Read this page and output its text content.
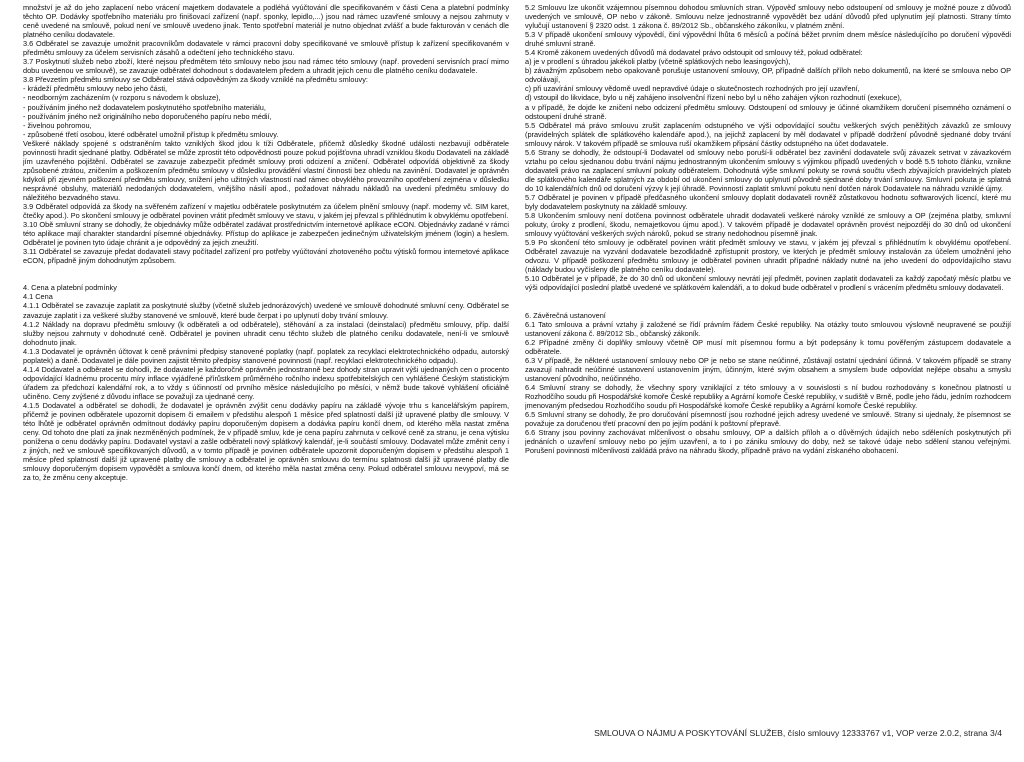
množství je až do jeho zaplacení nebo vrácení majetkem dodavatele a podléhá vyúčtování dle specifikovaném v části Cena a platební podmínky těchto OP. Dodávky spotřebního materiálu pro finišovací zařízení (např. sponky, lepidlo,...) jsou nad rámec uzavřené smlouvy a nejsou zahrnuty v ceně uvedené na smlouvě, pokud není ve smlouvě uvedeno jinak. Tento spotřební materiál je nutno objednat zvlášť a bude fakturován v cenách dle platného ceníku dodavatele.

3.6 Odběratel se zavazuje umožnit pracovníkům dodavatele v rámci pracovní doby specifikované ve smlouvě přístup k zařízení specifikovaném v předmětu smlouvy za účelem servisních zásahů a odečtení jeho technického stavu.

3.7 Poskytnutí služeb nebo zboží, které nejsou předmětem této smlouvy nebo jsou nad rámec této smlouvy (např. provedení servisních prací mimo dobu uvedenou ve smlouvě), se zavazuje odběratel dohodnout s dodavatelem předem a uhradit jejich cenu dle platného ceníku dodavatele.

3.8 Převzetím předmětu smlouvy se Odběratel stává odpovědným za škody vzniklé na předmětu smlouvy:

- krádeží předmětu smlouvy nebo jeho části,

- neodborným zacházením (v rozporu s návodem k obsluze),

- používáním jiného než dodavatelem poskytnutého spotřebního materiálu,

- používáním jiného než originálního nebo doporučeného papíru nebo médií,

- živelnou pohromou,

- způsobené třetí osobou, které odběratel umožnil přístup k předmětu smlouvy.

Veškeré náklady spojené s odstraněním takto vzniklých škod jdou k tíži Odběratele, přičemž důsledky škodné události nezbavují odběratele povinnosti hradit sjednané platby. Odběratel se může zprostit této odpovědnosti pouze pokud pojišťovna uhradí vzniklou škodu Dodavateli na základě jím uzavřeného pojištění. Odběratel se zavazuje zabezpečit předmět smlouvy proti odcizení a zničení. Odběratel odpovídá objektivně za škody způsobené ztrátou, zničením a poškozením předmětu smlouvy v důsledku provádění vlastní činnosti bez ohledu na zavinění. Dodavatel je oprávněn kdykoli při zjevném poškození předmětu smlouvy, snížení jeho užitných vlastností nad rámec obvyklého provozního opotřebení zejména v důsledku nesprávné obsluhy, materiálů nedodaných dodavatelem, vnějšího násilí apod., požadovat náhradu nákladů na uvedení předmětu smlouvy do náležitého bezvadného stavu.

3.9 Odběratel odpovídá za škody na svěřeném zařízení v majetku odběratele poskytnutém za účelem plnění smlouvy (např. modemy vč. SIM karet, čtečky apod.). Po skončení smlouvy je odběratel povinen vrátit předmět smlouvy ve stavu, v jakém jej převzal s přihlédnutím k obvyklému opotřebení.

3.10 Obě smluvní strany se dohodly, že objednávky může odběratel zadávat prostřednictvím internetové aplikace eCON. Objednávky zadané v rámci této aplikace mají charakter standardní písemné objednávky. Přístup do aplikace je zabezpečen jedinečným uživatelským jménem (login) a heslem. Odběratel je povinen tyto údaje chránit a je odpovědný za jejich zneužití.

3.11 Odběratel se zavazuje předat dodavateli stavy počítadel zařízení pro potřeby vyúčtování zhotoveného počtu výtisků formou internetové aplikace eCON, případně jiným dohodnutým způsobem.

4. Cena a platební podmínky

4.1 Cena

4.1.1 Odběratel se zavazuje zaplatit za poskytnuté služby (včetně služeb jednorázových) uvedené ve smlouvě dohodnuté smluvní ceny. Odběratel se zavazuje zaplatit i za veškeré služby stanovené ve smlouvě, které bude čerpat i po uplynutí doby trvání smlouvy.

4.1.2 Náklady na dopravu předmětu smlouvy (k odběrateli a od odběratele), stěhování a za instalaci (deinstalaci) předmětu smlouvy, příp. další služby nejsou zahrnuty v dohodnuté ceně. Odběratel je povinen uhradit cenu těchto služeb dle platného ceníku dodavatele, není-li ve smlouvě dohodnuto jinak.

4.1.3 Dodavatel je oprávněn účtovat k ceně právními předpisy stanovené poplatky (např. poplatek za recyklaci elektrotechnického odpadu, autorský poplatek) a daně. Dodavatel je dále povinen zajistit těmito předpisy stanovené povinnosti (např. recyklaci elektrotechnického odpadu).

4.1.4 Dodavatel a odběratel se dohodli, že dodavatel je každoročně oprávněn jednostranně bez dohody stran upravit výši ujednaných cen o procento odpovídající kladnému procentu míry inflace vyjádřené přírůstkem průměrného ročního indexu spotřebitelských cen vyhlášené Českým statistickým úřadem za předchozí kalendářní rok, a to vždy s účinností od prvního měsíce následujícího po měsíci, v němž bude takové vyhlášení oficiálně učiněno. Ceny zvýšené z důvodu inflace se považují za ujednané ceny.

4.1.5 Dodavatel a odběratel se dohodli, že dodavatel je oprávněn zvýšit cenu dodávky papíru na základě vývoje trhu s kancelářským papírem, přičemž je povinen odběratele upozornit dopisem či emailem v předstihu alespoň 1 měsíce před splatností další již upravené platby dle smlouvy. V této lhůtě je odběratel oprávněn odmítnout dodávky papíru doporučeným dopisem a dodávka papíru končí dnem, od kterého měla nastat změna ceny. Od tohoto dne platí za jinak nezměněných podmínek, že v případě smluv, kde je cena papíru zahrnuta v celkové ceně za stranu, je cena výtisku ponížena o cenu dodávky papíru. Dodavatel vystaví a zašle odběrateli nový splátkový kalendář, je-li součástí smlouvy. Dodavatel může změnit ceny i z jiných, než ve smlouvě specifikovaných důvodů, a v tomto případě je povinen odběratele upozornit doporučeným dopisem v předstihu alespoň 1 měsíce před splatností další již upravené platby dle smlouvy a odběratel je oprávněn smlouvu do termínu splatnosti další již upravené platby dle smlouvy doporučeným dopisem vypovědět a smlouva končí dnem, od kterého měla nastat změna ceny. Pokud odběratel smlouvu nevypoví, má se za to, že změnu ceny akceptuje.

5.2 Smlouvu lze ukončit vzájemnou písemnou dohodou smluvních stran. Výpověď smlouvy nebo odstoupení od smlouvy je možné pouze z důvodů uvedených ve smlouvě, OP nebo v zákoně. Smlouvu nelze jednostranně vypovědět bez udání důvodů před uplynutím její platnosti. Strany tímto vylučují ustanovení § 2320 odst. 1 zákona č. 89/2012 Sb., občanského zákoníku, v platném znění.

5.3 V případě ukončení smlouvy výpovědí, činí výpovědní lhůta 6 měsíců a počíná běžet prvním dnem měsíce následujícího po doručení výpovědi druhé smluvní straně.

5.4 Kromě zákonem uvedených důvodů má dodavatel právo odstoupit od smlouvy též, pokud odběratel:

a) je v prodlení s úhradou jakékoli platby (včetně splátkových nebo leasingových),

b) závažným způsobem nebo opakovaně porušuje ustanovení smlouvy, OP, případně dalších příloh nebo dokumentů, na které se smlouva nebo OP odvolávají,

c) při uzavírání smlouvy vědomě uvedl nepravdivé údaje o skutečnostech rozhodných pro její uzavření,

d) vstoupil do likvidace, bylo u něj zahájeno insolvenční řízení nebo byl u něho zahájen výkon rozhodnutí (exekuce),

a v případě, že dojde ke zničení nebo odcizení předmětu smlouvy. Odstoupení od smlouvy je účinné okamžikem doručení písemného oznámení o odstoupení druhé straně.

5.5 Odběratel má právo smlouvu zrušit zaplacením odstupného ve výši odpovídající součtu veškerých svých peněžitých závazků ze smlouvy (pravidelných splátek dle splátkového kalendáře apod.), na jejichž zaplacení by měl dodavatel v případě dodržení původně sjednané doby trvání smlouvy nárok. V takovém případě se smlouva ruší okamžikem připsání částky odstupného na účet dodavatele.

5.6 Strany se dohodly, že odstoupí-li Dodavatel od smlouvy nebo poruší-li odběratel bez zavinění dodavatele svůj závazek setrvat v závazkovém vztahu po celou sjednanou dobu trvání nájmu jednostranným ukončením smlouvy s výjimkou případů uvedených v bodě 5.5 tohoto článku, vznikne dodavateli právo na zaplacení smluvní pokuty odběratelem. Dohodnutá výše smluvní pokuty se rovná součtu všech zbývajících pravidelných plateb dle splátkového kalendáře splatných za období od ukončení smlouvy do uplynutí původně sjednané doby trvání smlouvy. Smluvní pokuta je splatná do 10 kalendářních dnů od doručení výzvy k její úhradě. Povinností zaplatit smluvní pokutu není dotčen nárok Dodavatele na náhradu vzniklé újmy.

5.7 Odběratel je povinen v případě předčasného ukončení smlouvy doplatit dodavateli rovněž zůstatkovou hodnotu softwarových licencí, které mu byly dodavatelem poskytnuty na základě smlouvy.

5.8 Ukončením smlouvy není dotčena povinnost odběratele uhradit dodavateli veškeré nároky vzniklé ze smlouvy a OP (zejména platby, smluvní pokuty, úroky z prodlení, škodu, nemajetkovou újmu apod.). V takovém případě je dodavatel oprávněn provést nejpozději do 30 dnů od ukončení smlouvy vyúčtování veškerých svých nároků, pokud se strany nedohodnou písemně jinak.

5.9 Po skončení této smlouvy je odběratel povinen vrátit předmět smlouvy ve stavu, v jakém jej převzal s přihlédnutím k obvyklému opotřebení. Odběratel zavazuje na vyzvání dodavatele bezodkladně zpřístupnit prostory, ve kterých je předmět smlouvy instalován za účelem umožnění jeho odvozu. V případě poškození předmětu smlouvy je odběratel povinen uhradit případné náklady nutné na jeho uvedení do odpovídajícího stavu (náklady budou vyčísleny dle platného ceníku dodavatele).

5.10 Odběratel je v případě, že do 30 dnů od ukončení smlouvy nevrátí její předmět, povinen zaplatit dodavateli za každý započatý měsíc platbu ve výši odpovídající poslední platbě uvedené ve splátkovém kalendáři, a to dokud bude odběratel v prodlení s vrácením předmětu smlouvy dodavateli.

6. Závěrečná ustanovení

6.1 Tato smlouva a právní vztahy ji založené se řídí právním řádem České republiky. Na otázky touto smlouvou výslovně neupravené se použijí ustanovení zákona č. 89/2012 Sb., občanský zákoník.

6.2 Případné změny či doplňky smlouvy včetně OP musí mít písemnou formu a být podepsány k tomu pověřeným zástupcem dodavatele a odběratele.

6.3 V případě, že některé ustanovení smlouvy nebo OP je nebo se stane neúčinné, zůstávají ostatní ujednání účinná. V takovém případě se strany zavazují nahradit neúčinné ustanovení ustanovením jiným, účinným, které svým obsahem a smyslem bude odpovídat nejlépe obsahu a smyslu ustanovení původního, neúčinného.

6.4 Smluvní strany se dohodly, že všechny spory vzniklající z této smlouvy a v souvislosti s ní budou rozhodovány s konečnou platností u Rozhodčího soudu při Hospodářské komoře České republiky a Agrární komoře České republiky, v sudiště v Brně, podle jeho řádu, jedním rozhodcem jmenovaným předsedou Rozhodčího soudu při Hospodářské komoře České republiky a Agrární komoře České republiky.

6.5 Smluvní strany se dohodly, že pro doručování písemností jsou rozhodné jejich adresy uvedené ve smlouvě. Strany si ujednaly, že písemnost se považuje za doručenou třetí pracovní den po jejím podání k poštovní přepravě.

6.6 Strany jsou povinny zachovávat mlčenlivost o obsahu smlouvy, OP a dalších příloh a o důvěrných údajích nebo sděleních poskytnutých při jednáních o uzavření smlouvy nebo po jejím uzavření, a to i po zániku smlouvy do doby, než se takové údaje nebo sdělení stanou veřejnými. Porušení povinnosti mlčenlivosti zakládá právo na náhradu škody, případně právo na vydání získaného obohacení.

SMLOUVA O NÁJMU A POSKYTOVÁNÍ SLUŽEB, číslo smlouvy 12333767 v1, VOP verze 2.0.2, strana 3/4
